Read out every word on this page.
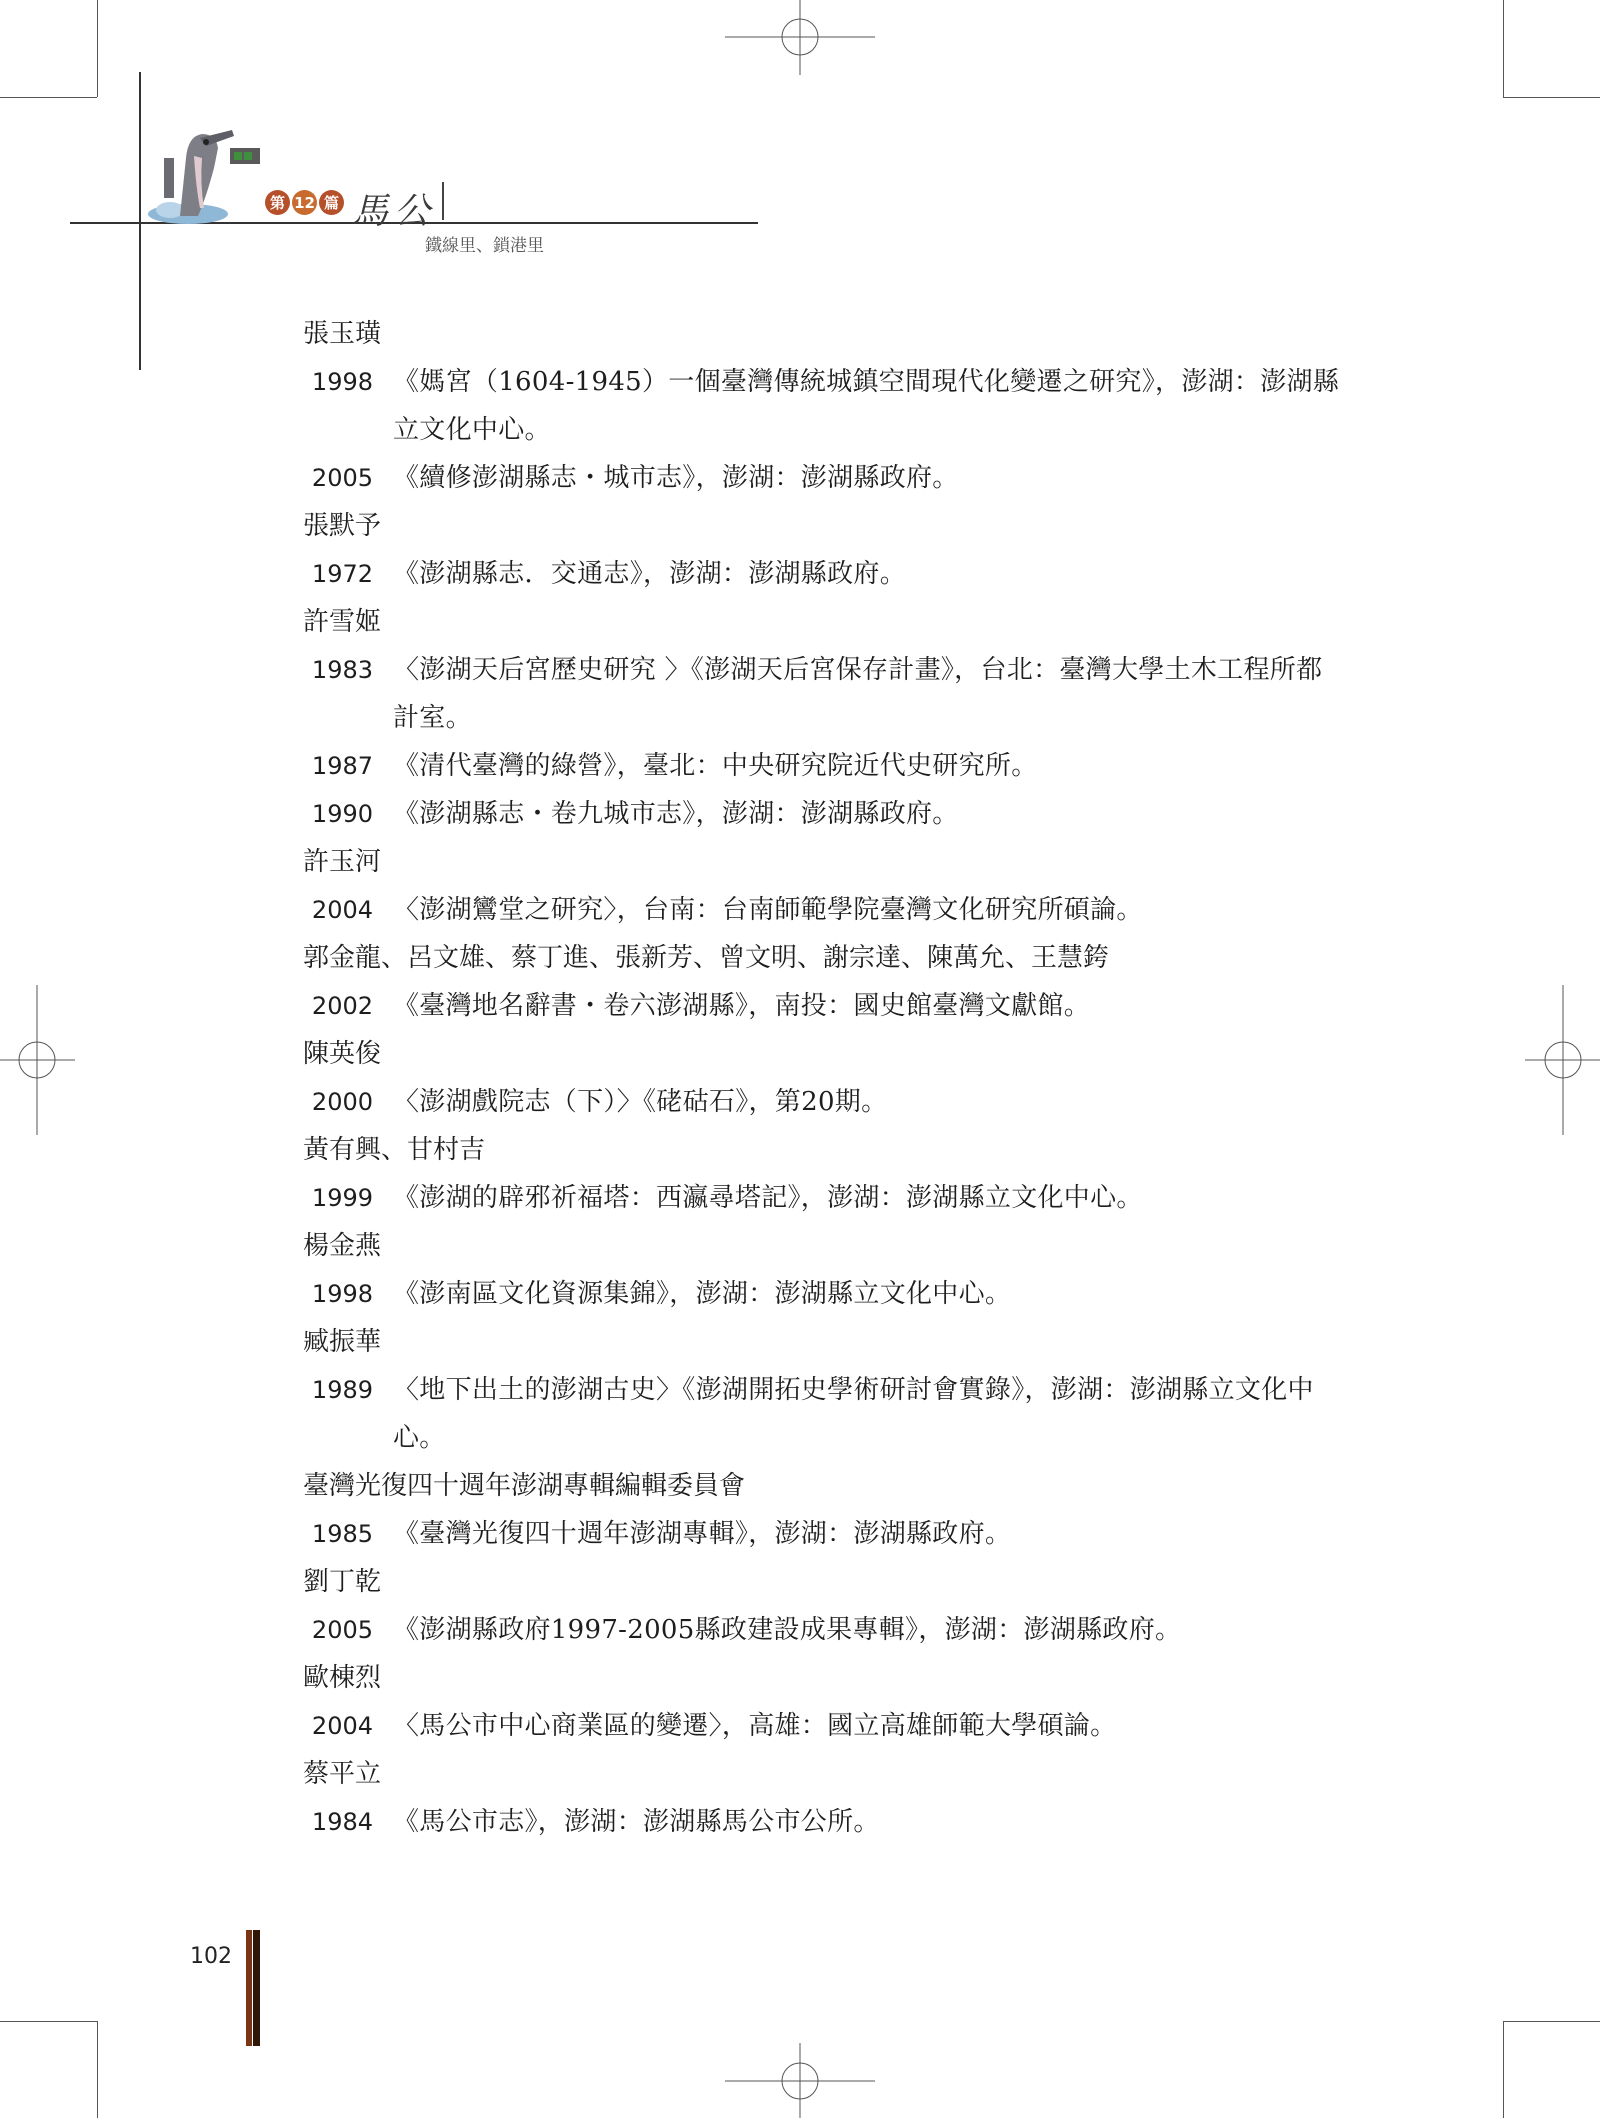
第 12 篇 馬公
鐵線里、鎖港里
張玉璜
1998 《媽宮（1604-1945）一個臺灣傳統城鎮空間現代化變遷之研究》，澎湖：澎湖縣立文化中心。
2005 《續修澎湖縣志・城市志》，澎湖：澎湖縣政府。
張默予
1972 《澎湖縣志．交通志》，澎湖：澎湖縣政府。
許雪姬
1983 〈澎湖天后宮歷史研究 〉《澎湖天后宮保存計畫》，台北：臺灣大學土木工程所都計室。
1987 《清代臺灣的綠營》，臺北：中央研究院近代史研究所。
1990 《澎湖縣志・卷九城市志》，澎湖：澎湖縣政府。
許玉河
2004 〈澎湖鸞堂之研究〉，台南：台南師範學院臺灣文化研究所碩論。
郭金龍、呂文雄、蔡丁進、張新芳、曾文明、謝宗達、陳萬允、王慧銙
2002 《臺灣地名辭書・卷六澎湖縣》，南投：國史館臺灣文獻館。
陳英俊
2000 〈澎湖戲院志（下）〉《硓𥑮石》，第20期。
黃有興、甘村吉
1999 《澎湖的辟邪祈福塔：西瀛尋塔記》，澎湖：澎湖縣立文化中心。
楊金燕
1998 《澎南區文化資源集錦》，澎湖：澎湖縣立文化中心。
臧振華
1989 〈地下出土的澎湖古史〉《澎湖開拓史學術研討會實錄》，澎湖：澎湖縣立文化中心。
臺灣光復四十週年澎湖專輯編輯委員會
1985 《臺灣光復四十週年澎湖專輯》，澎湖：澎湖縣政府。
劉丁乾
2005 《澎湖縣政府1997-2005縣政建設成果專輯》，澎湖：澎湖縣政府。
歐棟烈
2004 〈馬公市中心商業區的變遷〉，高雄：國立高雄師範大學碩論。
蔡平立
1984 《馬公市志》，澎湖：澎湖縣馬公市公所。
102
